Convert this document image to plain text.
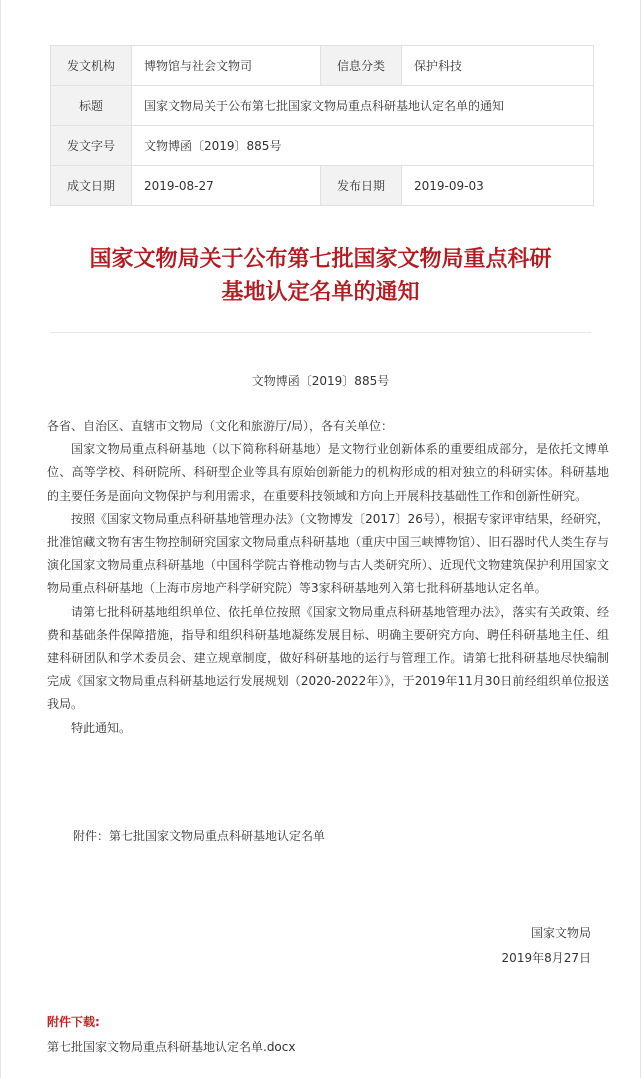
发文机构	博物馆与社会文物司	信息分类	保护科技
标题	国家文物局关于公布第七批国家文物局重点科研基地认定名单的通知		
发文字号	文物博函〔2019〕885号		
成文日期	2019-08-27	发布日期	2019-09-03
国家文物局关于公布第七批国家文物局重点科研
基地认定名单的通知
文物博函〔2019〕885号

各省、自治区、直辖市文物局（文化和旅游厅/局），各有关单位：

国家文物局重点科研基地（以下简称科研基地）是文物行业创新体系的重要组成部分，是依托文博单位、高等学校、科研院所、科研型企业等具有原始创新能力的机构形成的相对独立的科研实体。科研基地的主要任务是面向文物保护与利用需求，在重要科技领域和方向上开展科技基础性工作和创新性研究。

按照《国家文物局重点科研基地管理办法》（文物博发〔2017〕26号），根据专家评审结果，经研究，批准馆藏文物有害生物控制研究国家文物局重点科研基地（重庆中国三峡博物馆）、旧石器时代人类生存与演化国家文物局重点科研基地（中国科学院古脊椎动物与古人类研究所）、近现代文物建筑保护利用国家文物局重点科研基地（上海市房地产科学研究院）等3家科研基地列入第七批科研基地认定名单。

请第七批科研基地组织单位、依托单位按照《国家文物局重点科研基地管理办法》，落实有关政策、经费和基础条件保障措施，指导和组织科研基地凝练发展目标、明确主要研究方向、聘任科研基地主任、组建科研团队和学术委员会、建立规章制度，做好科研基地的运行与管理工作。请第七批科研基地尽快编制完成《国家文物局重点科研基地运行发展规划（2020-2022年）》，于2019年11月30日前经组织单位报送我局。

特此通知。

附件：第七批国家文物局重点科研基地认定名单
国家文物局
2019年8月27日
附件下载:
第七批国家文物局重点科研基地认定名单.docx
